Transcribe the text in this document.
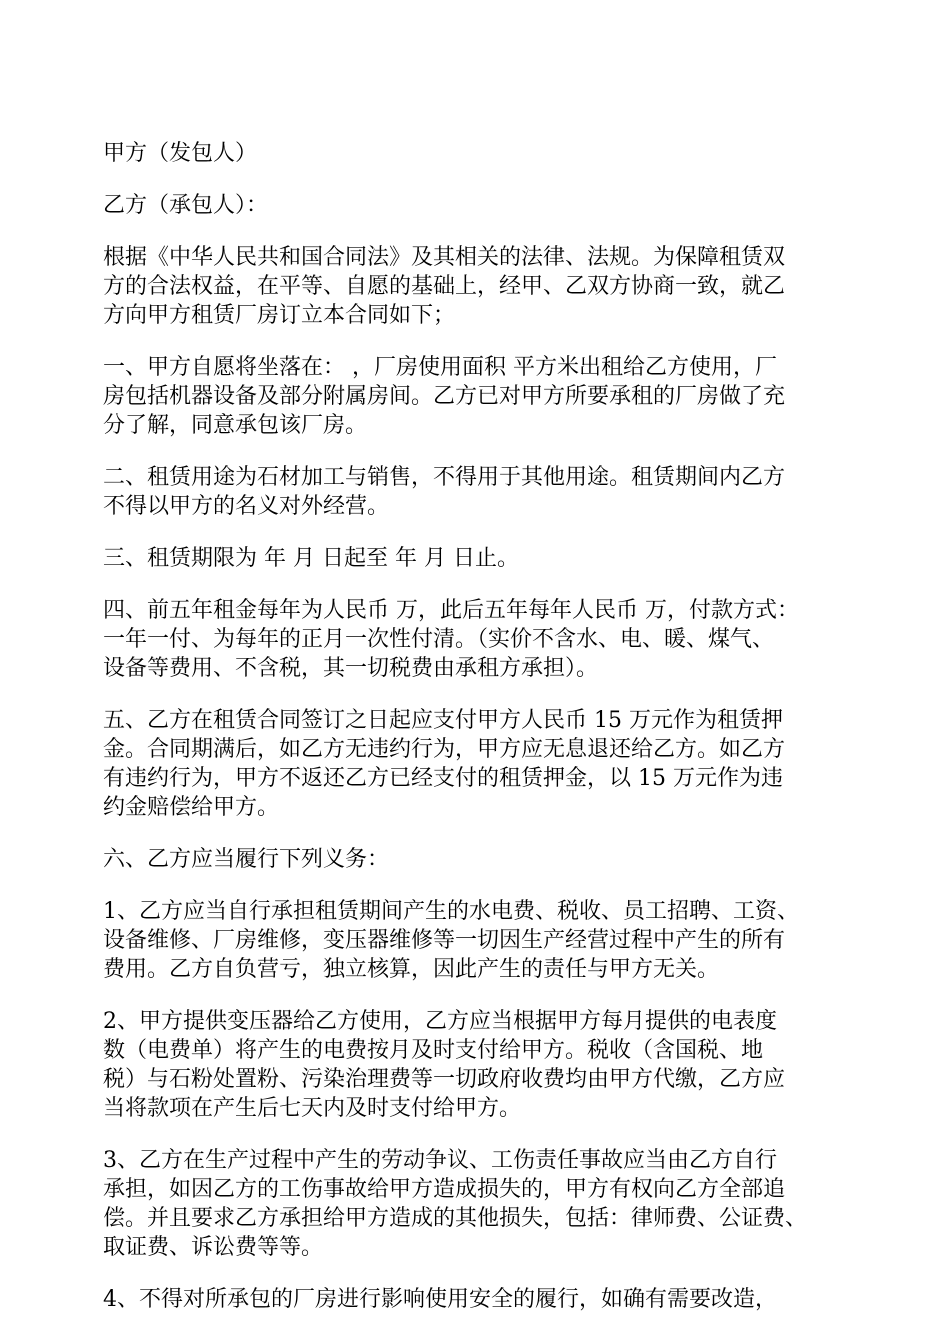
甲方（发包人）
乙方（承包人）：
根据《中华人民共和国合同法》及其相关的法律、法规。为保障租赁双
方的合法权益，在平等、自愿的基础上，经甲、乙双方协商一致，就乙
方向甲方租赁厂房订立本合同如下；
一、甲方自愿将坐落在： ，厂房使用面积 平方米出租给乙方使用，厂
房包括机器设备及部分附属房间。乙方已对甲方所要承租的厂房做了充
分了解，同意承包该厂房。
二、租赁用途为石材加工与销售，不得用于其他用途。租赁期间内乙方
不得以甲方的名义对外经营。
三、租赁期限为 年 月 日起至 年 月 日止。
四、前五年租金每年为人民币 万，此后五年每年人民币 万，付款方式：
一年一付、为每年的正月一次性付清。（实价不含水、电、暖、煤气、
设备等费用、不含税，其一切税费由承租方承担）。
五、乙方在租赁合同签订之日起应支付甲方人民币 15 万元作为租赁押
金。合同期满后，如乙方无违约行为，甲方应无息退还给乙方。如乙方
有违约行为，甲方不返还乙方已经支付的租赁押金，以 15 万元作为违
约金赔偿给甲方。
六、乙方应当履行下列义务：
1、乙方应当自行承担租赁期间产生的水电费、税收、员工招聘、工资、
设备维修、厂房维修，变压器维修等一切因生产经营过程中产生的所有
费用。乙方自负营亏，独立核算，因此产生的责任与甲方无关。
2、甲方提供变压器给乙方使用，乙方应当根据甲方每月提供的电表度
数（电费单）将产生的电费按月及时支付给甲方。税收（含国税、地
税）与石粉处置粉、污染治理费等一切政府收费均由甲方代缴，乙方应
当将款项在产生后七天内及时支付给甲方。
3、乙方在生产过程中产生的劳动争议、工伤责任事故应当由乙方自行
承担，如因乙方的工伤事故给甲方造成损失的，甲方有权向乙方全部追
偿。并且要求乙方承担给甲方造成的其他损失，包括：律师费、公证费、
取证费、诉讼费等等。
4、不得对所承包的厂房进行影响使用安全的履行，如确有需要改造，
